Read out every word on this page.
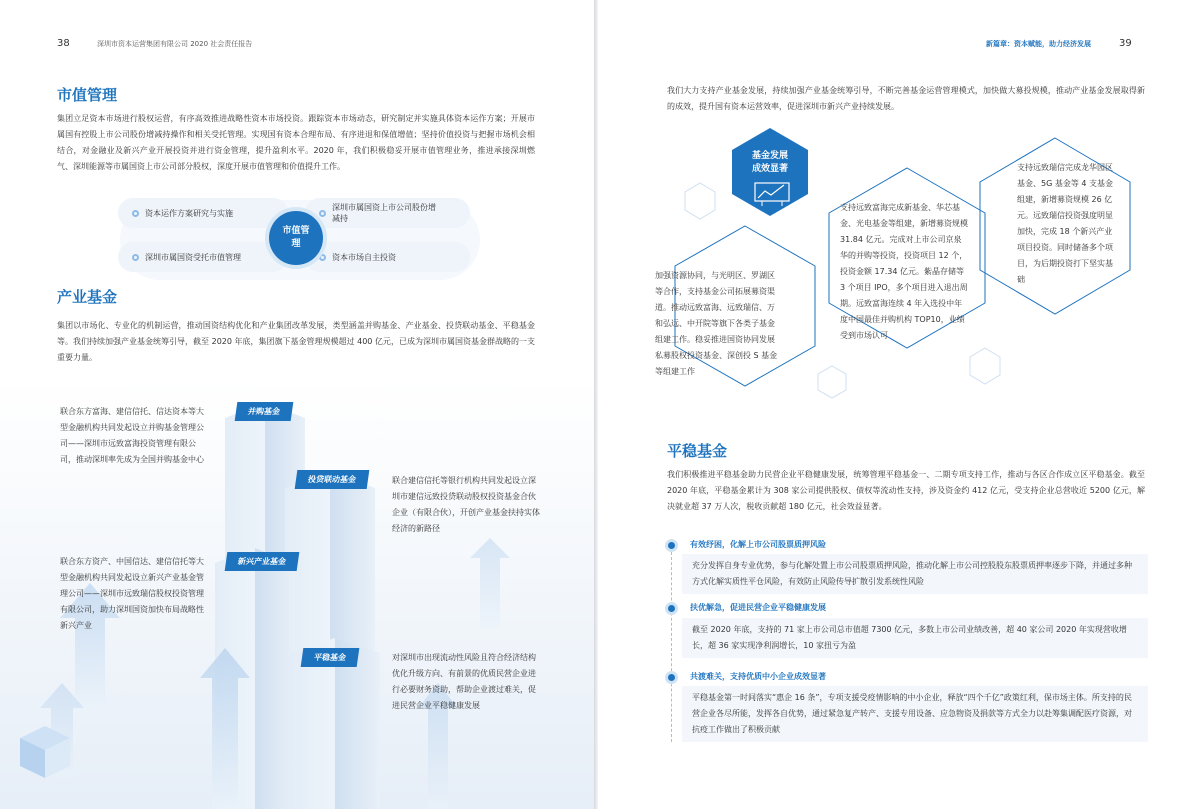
38	深圳市资本运营集团有限公司 2020 社会责任报告
市值管理
集团立足资本市场进行股权运营，有序高效推进战略性资本市场投资。跟踪资本市场动态，研究制定并实施具体资本运作方案；开展市属国有控股上市公司股份增减持操作和相关受托管理。实现国有资本合理布局、有序进退和保值增值；坚持价值投资与把握市场机会相结合，对金融业及新兴产业开展投资并进行资金管理，提升盈利水平。2020 年，我们积极稳妥开展市值管理业务，推进承接深圳燃气、深圳能源等市属国资上市公司部分股权，深度开展市值管理和价值提升工作。
资本运作方案研究与实施
深圳市属国资上市公司股份增减持
深圳市属国资受托市值管理	资本市场自主投资
市值管理
产业基金
集团以市场化、专业化的机制运营，推动国资结构优化和产业集团改革发展，类型涵盖并购基金、产业基金、投贷联动基金、平稳基金等。我们持续加强产业基金统筹引导，截至 2020 年底，集团旗下基金管理规模超过 400 亿元，已成为深圳市属国资基金群战略的一支重要力量。
并购基金
投贷联动基金
新兴产业基金
平稳基金
联合东方富海、建信信托、信达资本等大型金融机构共同发起设立并购基金管理公司——深圳市远致富海投资管理有限公司，推动深圳率先成为全国并购基金中心
联合建信信托等银行机构共同发起设立深圳市建信远致投贷联动股权投资基金合伙企业（有限合伙），开创产业基金扶持实体经济的新路径
联合东方资产、中国信达、建信信托等大型金融机构共同发起设立新兴产业基金管理公司——深圳市远致瑞信股权投资管理有限公司，助力深圳国资加快布局战略性新兴产业
对深圳市出现流动性风险且符合经济结构优化升级方向、有前景的优质民营企业进行必要财务资助，帮助企业渡过难关，促进民营企业平稳健康发展
新篇章：资本赋能，助力经济发展	39
我们大力支持产业基金发展，持续加强产业基金统筹引导，不断完善基金运营管理模式，加快做大募投规模，推动产业基金发展取得新的成效，提升国有资本运营效率，促进深圳市新兴产业持续发展。
基金发展成效显著
加强资源协同，与光明区、罗湖区等合作，支持基金公司拓展募资渠道。推动远致富海、远致瑞信、万和弘远、中开院等旗下各类子基金组建工作。稳妥推进国资协同发展私募股权投资基金、深创投 S 基金等组建工作
支持远致富海完成新基金、华芯基金、光电基金等组建，新增募资规模 31.84 亿元。完成对上市公司京泉华的并购等投资，投资项目 12 个，投资金额 17.34 亿元。紫晶存储等 3 个项目 IPO，多个项目进入退出周期。远致富海连续 4 年入选投中年度中国最佳并购机构 TOP10，业绩受到市场认可
支持远致瑞信完成龙华园区基金、5G 基金等 4 支基金组建，新增募资规模 26 亿元。远致瑞信投资强度明显加快，完成 18 个新兴产业项目投资。同时储备多个项目，为后期投资打下坚实基础
平稳基金
我们积极推进平稳基金助力民营企业平稳健康发展，统筹管理平稳基金一、二期专项支持工作，推动与各区合作成立区平稳基金。截至 2020 年底，平稳基金累计为 308 家公司提供股权、债权等流动性支持，涉及资金约 412 亿元，受支持企业总营收近 5200 亿元，解决就业超 37 万人次，税收贡献超 180 亿元，社会效益显著。
有效纾困，化解上市公司股票质押风险
充分发挥自身专业优势，参与化解处置上市公司股票质押风险，推动化解上市公司控股股东股票质押率逐步下降，并通过多种方式化解实质性平仓风险，有效防止风险传导扩散引发系统性风险
扶优解急，促进民营企业平稳健康发展
截至 2020 年底，支持的 71 家上市公司总市值超 7300 亿元，多数上市公司业绩改善，超 40 家公司 2020 年实现营收增长，超 36 家实现净利润增长，10 家扭亏为盈
共渡难关，支持优质中小企业成效显著
平稳基金第一时间落实“惠企 16 条”，专项支援受疫情影响的中小企业，释放“四个千亿”政策红利，保市场主体。所支持的民营企业各尽所能，发挥各自优势，通过紧急复产转产、支援专用设备、应急物资及捐款等方式全力以赴筹集调配医疗资源，对抗疫工作做出了积极贡献
